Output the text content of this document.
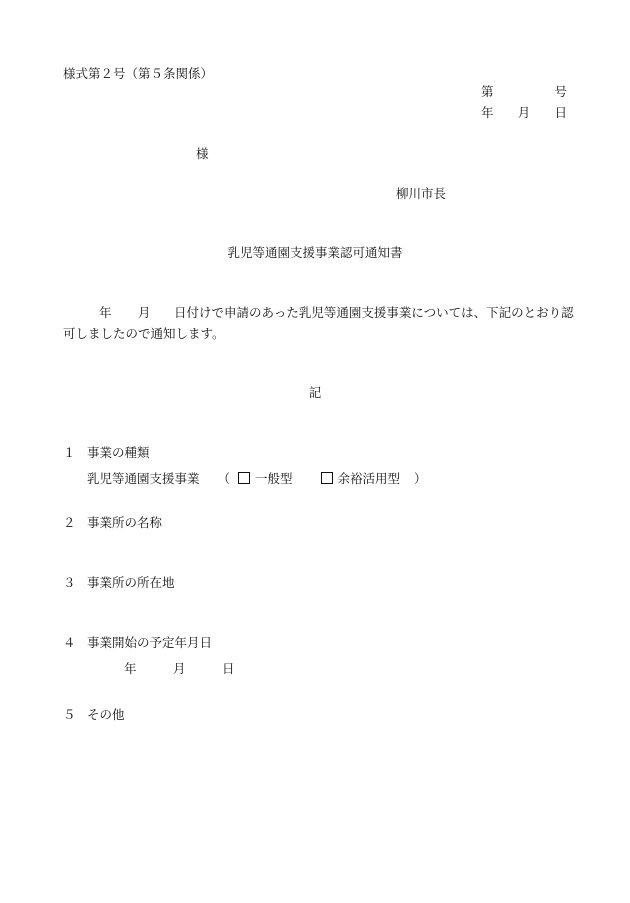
様式第２号（第５条関係）
第	号
年 月 日
様
柳川市長
乳児等通園支援事業認可通知書
年 月 日付けで申請のあった乳児等通園支援事業については、下記のとおり認
可しましたので通知します。
記
１ 事業の種類
乳児等通園支援事業 （ 一般型	余裕活用型 ）
２ 事業所の名称
３ 事業所の所在地
４ 事業開始の予定年月日
年	月	日
５ その他
